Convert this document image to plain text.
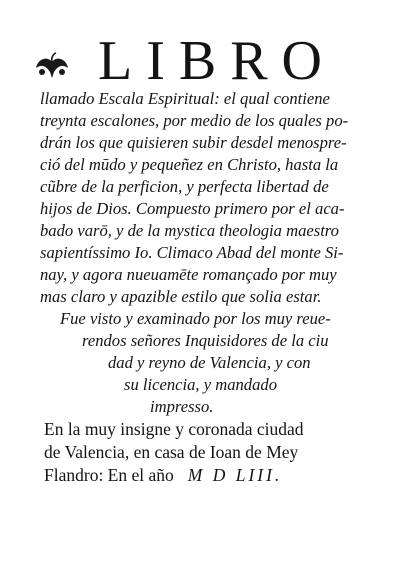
LIBRO
llamado Escala Espiritual: el qual contiene
treynta escalones, por medio de los quales po-
drán los que quisieren subir desdel menospre-
ció del mūdo y pequeñez en Christo, hasta la
cũbre de la perficion, y perfecta libertad de
hijos de Dios. Compuesto primero por el aca-
bado varō, y de la mystica theologia maestro
sapientíssimo Io. Climaco Abad del monte Si-
nay, y agora nueuamēte romançado por muy
mas claro y apazible estilo que solia estar.
Fue visto y examinado por los muy reue-
rendos señores Inquisidores de la ciu
dad y reyno de Valencia, y con
su licencia, y mandado
impresso.
En la muy insigne y coronada ciudad
de Valencia, en casa de Ioan de Mey
Flandro: En el año M D LIII.
